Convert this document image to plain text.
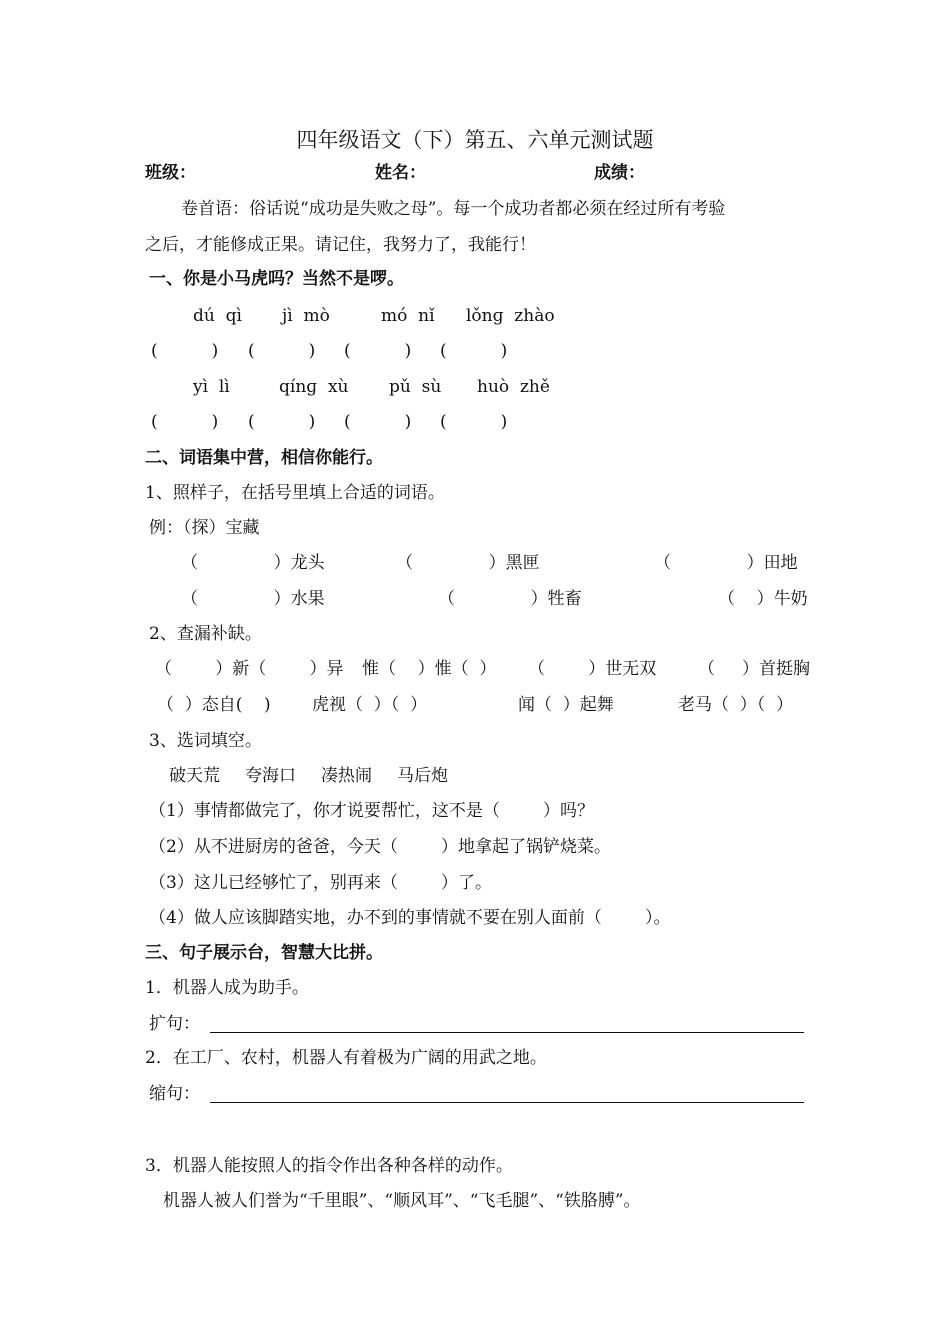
四年级语文（下）第五、六单元测试题
班级：	姓名：	成绩：
卷首语：俗话说“成功是失败之母”。每一个成功者都必须在经过所有考验
之后，才能修成正果。请记住，我努力了，我能行！
一、你是小马虎吗？当然不是啰。
dú  qì jì  mò	mó  nǐ lǒnɡ  zhào
(          ) (          ) (          ) (          )
yì  lì	qínɡ  xù pǔ  sù huò  zhě
(          ) (          ) (          ) (          )
二、词语集中营，相信你能行。
1、照样子，在括号里填上合适的词语。
例：（探）宝藏
（              ）龙头	（              ）黑匣	（              ）田地
（              ）水果	（              ）牲畜	（    ）牛奶
2、查漏补缺。
（        ）新（        ）异 惟（    ）惟（  ） （        ）世无双 （     ）首挺胸
（  ）态自(    ) 虎视（  ）（  ）	闻（  ）起舞	老马（  ）（  ）
3、选词填空。
破天荒 夸海口 凑热闹 马后炮
（1）事情都做完了，你才说要帮忙，这不是（        ）吗？
（2）从不进厨房的爸爸，今天（        ）地拿起了锅铲烧菜。
（3）这儿已经够忙了，别再来（        ）了。
（4）做人应该脚踏实地，办不到的事情就不要在别人面前（        ）。
三、句子展示台，智慧大比拼。
1．机器人成为助手。
扩句：
2．在工厂、农村，机器人有着极为广阔的用武之地。
缩句：
3．机器人能按照人的指令作出各种各样的动作。
机器人被人们誉为“千里眼”、“顺风耳”、“飞毛腿”、“铁胳膊”。
